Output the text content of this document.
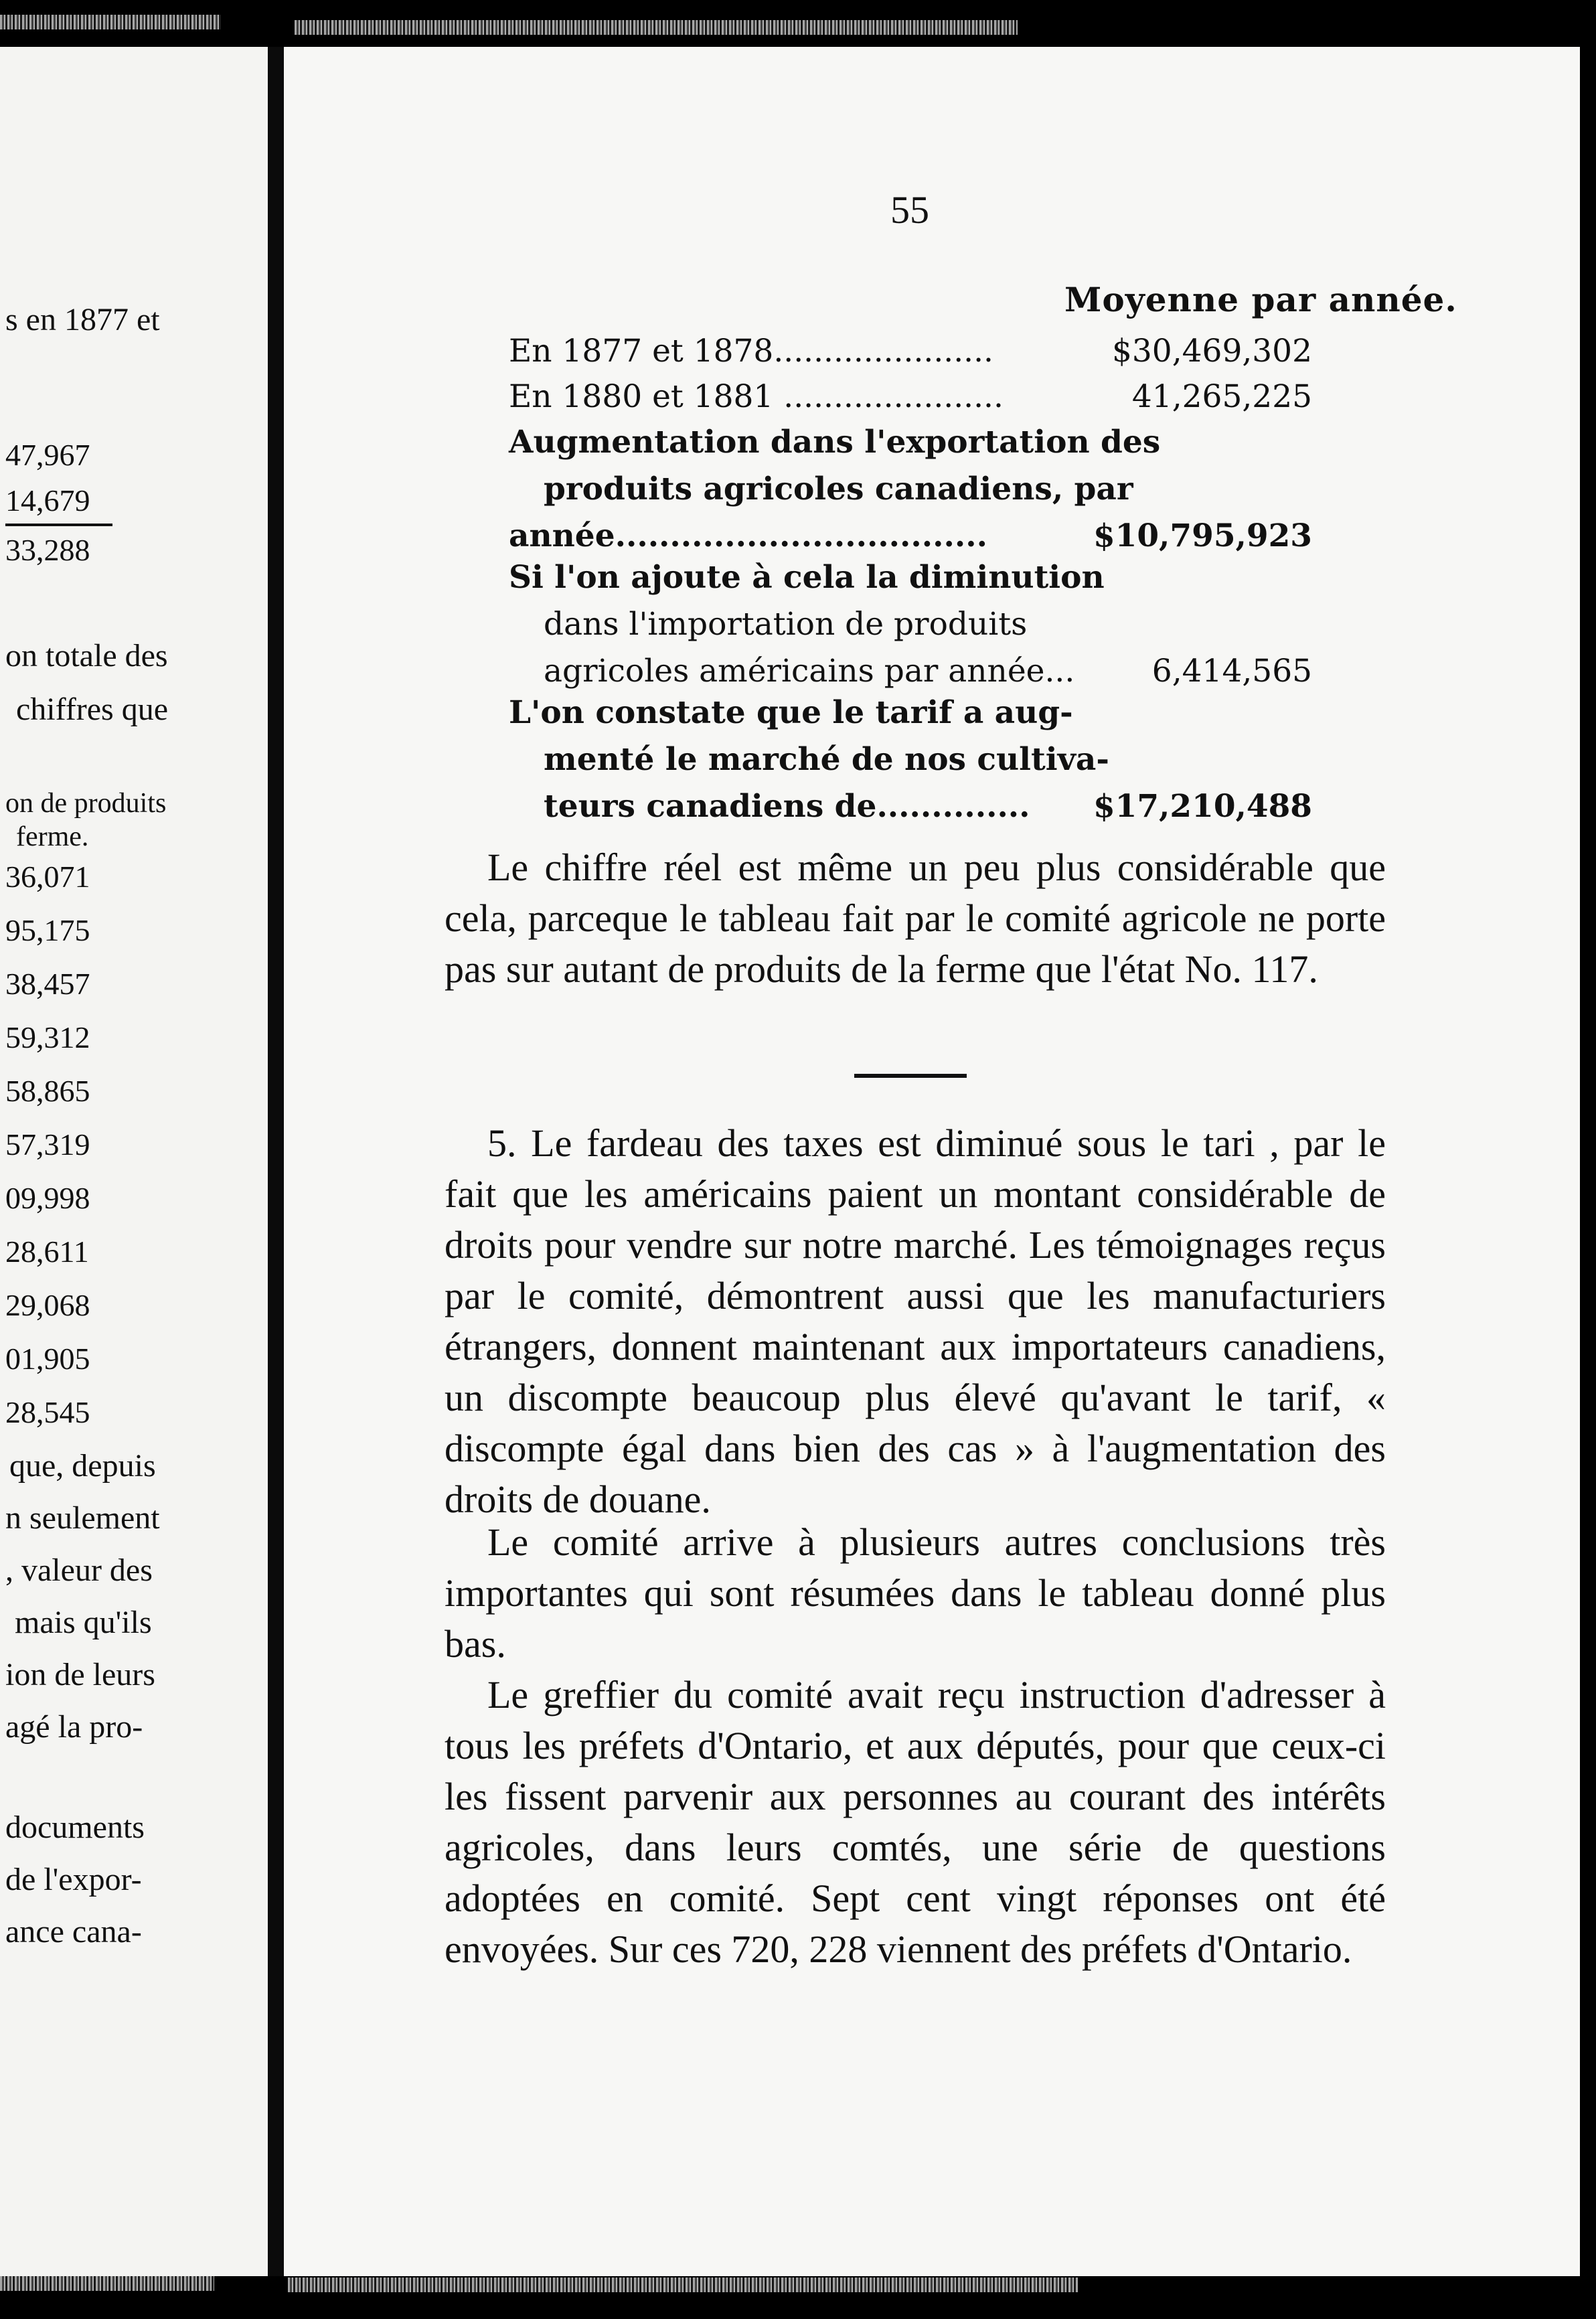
s en 1877 et
47,967
14,679
33,288
on totale des
chiffres que
on de produits
ferme.
36,071
95,175
38,457
59,312
58,865
57,319
09,998
28,611
29,068
01,905
28,545
que, depuis
n seulement
, valeur des
mais qu'ils
ion de leurs
agé la pro-
documents
de l'expor-
ance cana-
55
Moyenne par année.
En 1877 et 1878......................	$30,469,302
En 1880 et 1881 ......................	41,265,225
Augmentation dans l'exportation des
produits agricoles canadiens, par
année..................................	$10,795,923
Si l'on ajoute à cela la diminution
dans l'importation de produits
agricoles américains par année... 6,414,565
L'on constate que le tarif a aug-
menté le marché de nos cultiva-
teurs canadiens de.............. $17,210,488

Le chiffre réel est même un peu plus considérable que cela, parceque le tableau fait par le comité agricole ne porte pas sur autant de produits de la ferme que l'état No. 117.

5. Le fardeau des taxes est diminué sous le tari , par le fait que les américains paient un montant considérable de droits pour vendre sur notre marché. Les témoignages reçus par le comité, démontrent aussi que les manufacturiers étrangers, donnent maintenant aux importateurs canadiens, un discompte beaucoup plus élevé qu'avant le tarif, « discompte égal dans bien des cas » à l'augmentation des droits de douane.

Le comité arrive à plusieurs autres conclusions très importantes qui sont résumées dans le tableau donné plus bas.

Le greffier du comité avait reçu instruction d'adresser à tous les préfets d'Ontario, et aux députés, pour que ceux-ci les fissent parvenir aux personnes au courant des intérêts agricoles, dans leurs comtés, une série de questions adoptées en comité. Sept cent vingt réponses ont été envoyées. Sur ces 720, 228 viennent des préfets d'Ontario.
